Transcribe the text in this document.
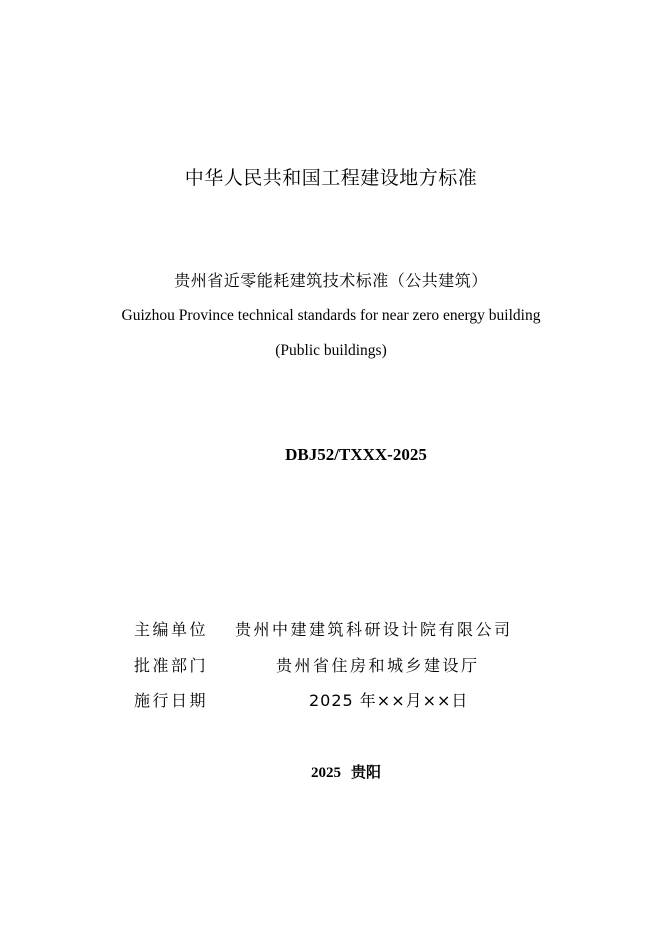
中华人民共和国工程建设地方标准
贵州省近零能耗建筑技术标准（公共建筑）
Guizhou Province technical standards for near zero energy building
(Public buildings)
DBJ52/TXXX-2025
主编单位 贵州中建建筑科研设计院有限公司
批准部门	贵州省住房和城乡建设厅
施行日期	2025 年××月××日
2025 贵阳
